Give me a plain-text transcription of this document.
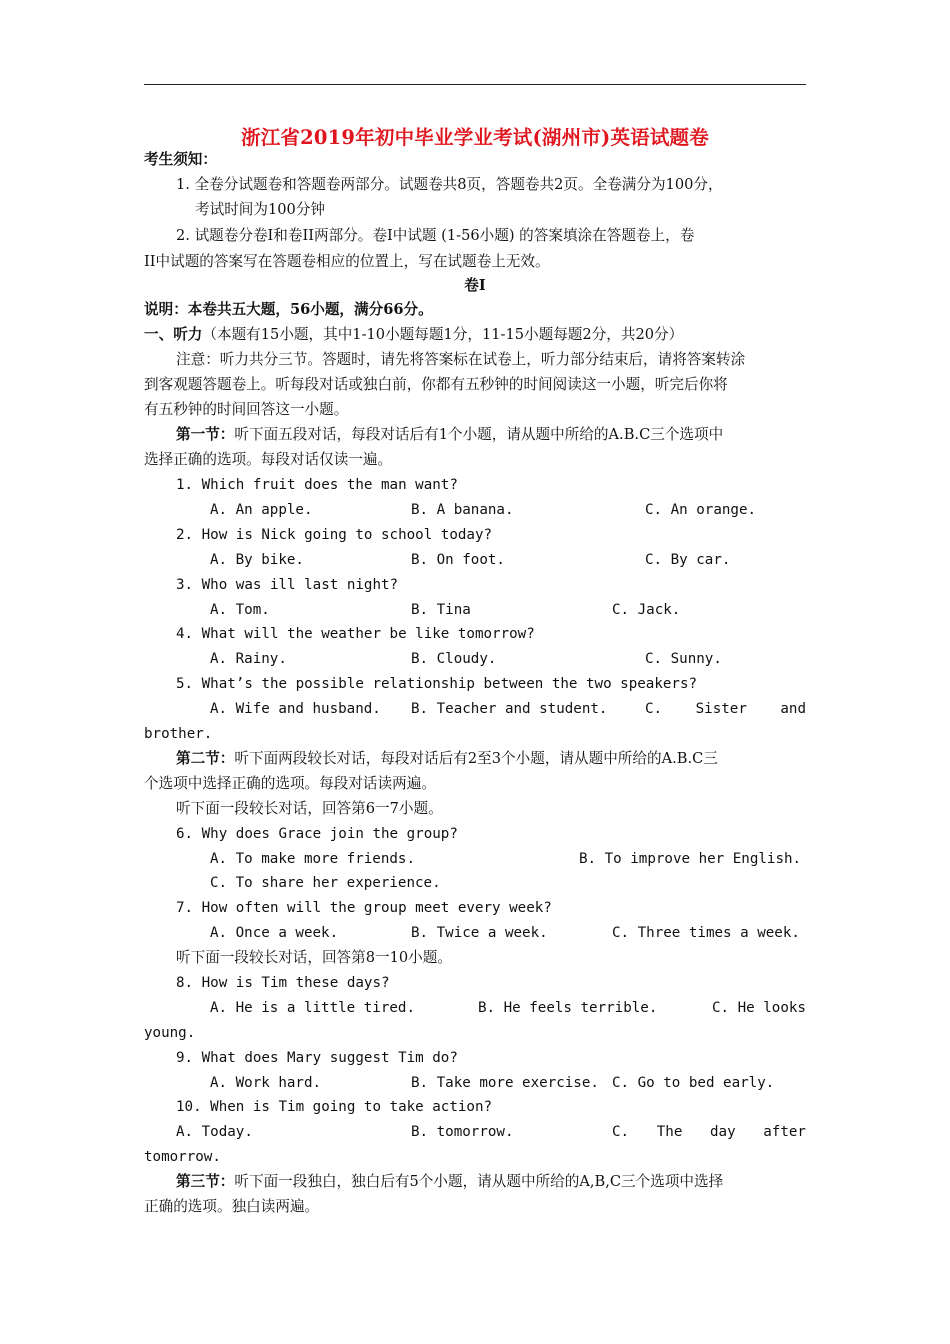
浙江省2019年初中毕业学业考试(湖州市)英语试题卷
考生须知：
1. 全卷分试题卷和答题卷两部分。试题卷共8页，答题卷共2页。全卷满分为100分，
考试时间为100分钟
2. 试题卷分卷Ⅰ和卷II两部分。卷Ⅰ中试题 (1-56小题) 的答案填涂在答题卷上，卷
II中试题的答案写在答题卷相应的位置上，写在试题卷上无效。
卷Ⅰ
说明：本卷共五大题，56小题，满分66分。
一、听力（本题有15小题，其中1-10小题每题1分，11-15小题每题2分，共20分）
注意：听力共分三节。答题时，请先将答案标在试卷上，听力部分结束后，请将答案转涂
到客观题答题卷上。听每段对话或独白前，你都有五秒钟的时间阅读这一小题，听完后你将
有五秒钟的时间回答这一小题。
第一节：听下面五段对话，每段对话后有1个小题，请从题中所给的A.B.C三个选项中
选择正确的选项。每段对话仅读一遍。
1. Which fruit does the man want?
A. An apple.	B. A banana.	C. An orange.
2. How is Nick going to school today?
A. By bike.	B. On foot.	C. By car.
3. Who was ill last night?
A. Tom.	B. Tina	C. Jack.
4. What will the weather be like tomorrow?
A. Rainy.	B. Cloudy.	C. Sunny.
5. What’s the possible relationship between the two speakers?
A. Wife and husband. B. Teacher and student.	C. Sister and
brother.
第二节：听下面两段较长对话，每段对话后有2至3个小题，请从题中所给的A.B.C三
个选项中选择正确的选项。每段对话读两遍。
听下面一段较长对话，回答第6一7小题。
6. Why does Grace join the group?
A. To make more friends.	B. To improve her English.
C. To share her experience.
7. How often will the group meet every week?
A. Once a week.	B. Twice a week.	C. Three times a week.
听下面一段较长对话，回答第8一10小题。
8. How is Tim these days?
A. He is a little tired.	B. He feels terrible.	C. He looks
young.
9. What does Mary suggest Tim do?
A. Work hard.	B. Take more exercise. C. Go to bed early.
10. When is Tim going to take action?
A. Today.	B. tomorrow.	C. The day after
tomorrow.
第三节：听下面一段独白，独白后有5个小题，请从题中所给的A,B,C三个选项中选择
正确的选项。独白读两遍。
